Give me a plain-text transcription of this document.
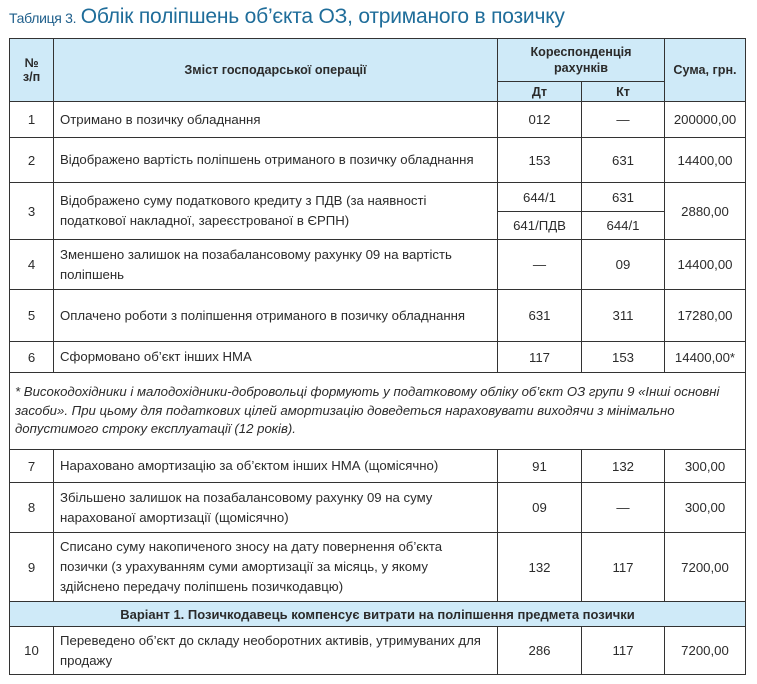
Таблиця 3. Облік поліпшень об’єкта ОЗ, отриманого в позичку
№
з/п	Зміст господарської операції	Кореспонденція рахунків		Сума, грн.
		Дт	Кт	
1	Отримано в позичку обладнання	012	—	200000,00
2	Відображено вартість поліпшень отриманого в позичку обладнання	153	631	14400,00
3	Відображено суму податкового кредиту з ПДВ (за наявності податкової накладної, зареєстрованої в ЄРПН)	644/1	631	2880,00
		641/ПДВ	644/1	
4	Зменшено залишок на позабалансовому рахунку 09 на вартість поліпшень	—	09	14400,00
5	Оплачено роботи з поліпшення отриманого в позичку обладнання	631	311	17280,00
6	Сформовано об’єкт інших НМА	117	153	14400,00*
* Високодохідники і малодохідники-добровольці формують у податковому обліку об’єкт ОЗ групи 9 «Інші основні засоби». При цьому для податкових цілей амортизацію доведеться нараховувати виходячи з мінімально допустимого строку експлуатації (12 років).				
7	Нараховано амортизацію за об’єктом інших НМА (щомісячно)	91	132	300,00
8	Збільшено залишок на позабалансовому рахунку 09 на суму нарахованої амортизації (щомісячно)	09	—	300,00
9	Списано суму накопиченого зносу на дату повернення об’єкта позички (з урахуванням суми амортизації за місяць, у якому здійснено передачу поліпшень позичкодавцю)	132	117	7200,00
Варіант 1. Позичкодавець компенсує витрати на поліпшення предмета позички				
10	Переведено об’єкт до складу необоротних активів, утримуваних для продажу	286	117	7200,00
